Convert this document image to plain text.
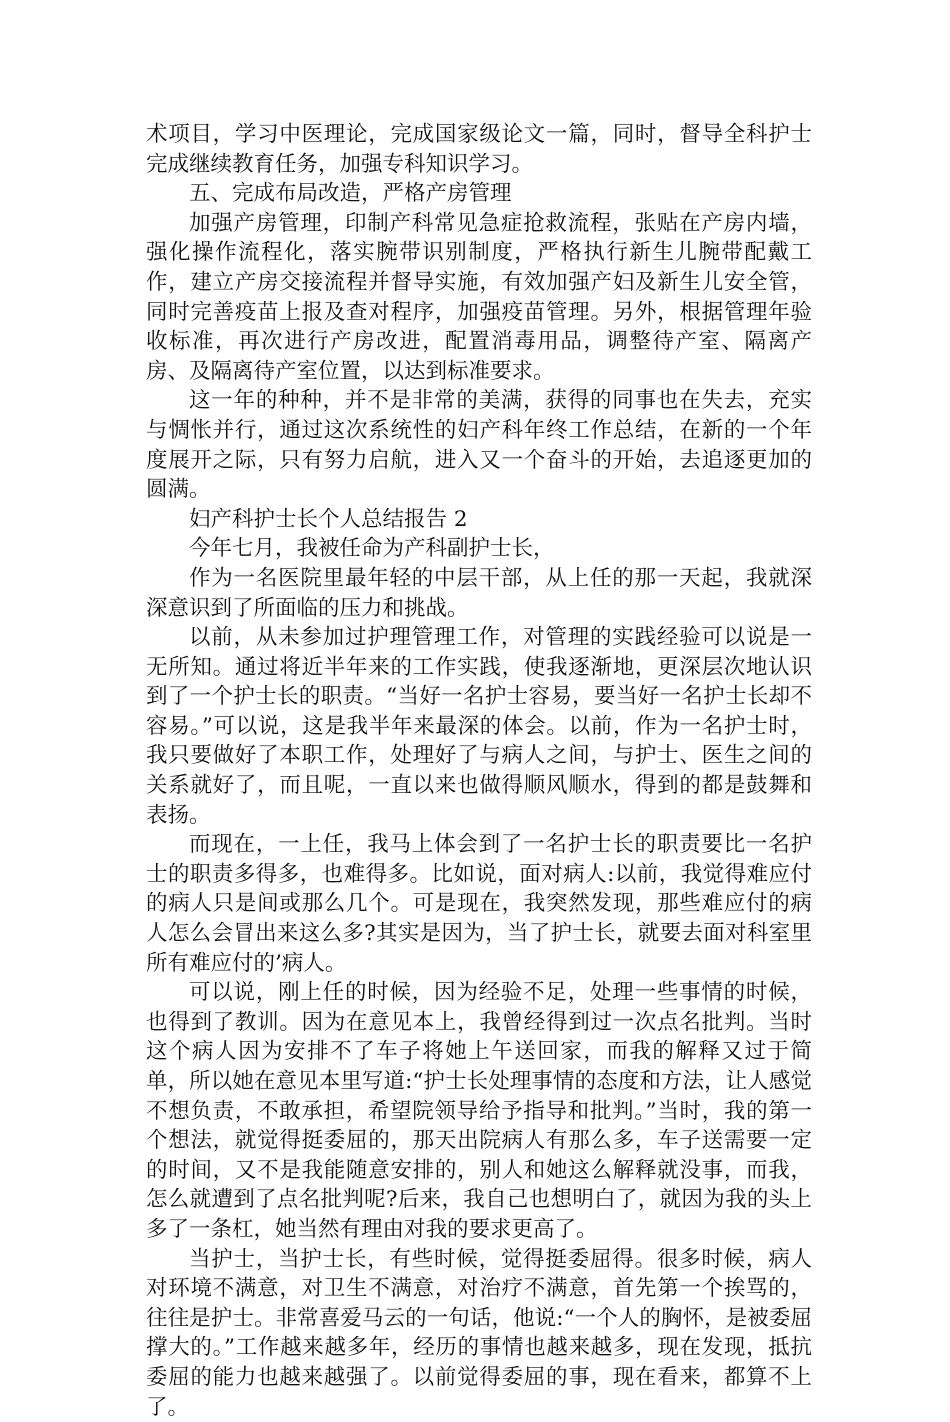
术项目，学习中医理论，完成国家级论文一篇，同时，督导全科护士完成继续教育任务，加强专科知识学习。

五、完成布局改造，严格产房管理

加强产房管理，印制产科常见急症抢救流程，张贴在产房内墙，强化操作流程化，落实腕带识别制度，严格执行新生儿腕带配戴工作，建立产房交接流程并督导实施，有效加强产妇及新生儿安全管，同时完善疫苗上报及查对程序，加强疫苗管理。另外，根据管理年验收标准，再次进行产房改进，配置消毒用品，调整待产室、隔离产房、及隔离待产室位置，以达到标准要求。

这一年的种种，并不是非常的美满，获得的同事也在失去，充实与惆怅并行，通过这次系统性的妇产科年终工作总结，在新的一个年度展开之际，只有努力启航，进入又一个奋斗的开始，去追逐更加的圆满。

妇产科护士长个人总结报告 2

今年七月，我被任命为产科副护士长，

作为一名医院里最年轻的中层干部，从上任的那一天起，我就深深意识到了所面临的压力和挑战。

以前，从未参加过护理管理工作，对管理的实践经验可以说是一无所知。通过将近半年来的工作实践，使我逐渐地，更深层次地认识到了一个护士长的职责。“当好一名护士容易，要当好一名护士长却不容易。”可以说，这是我半年来最深的体会。以前，作为一名护士时，我只要做好了本职工作，处理好了与病人之间，与护士、医生之间的关系就好了，而且呢，一直以来也做得顺风顺水，得到的都是鼓舞和表扬。

而现在，一上任，我马上体会到了一名护士长的职责要比一名护士的职责多得多，也难得多。比如说，面对病人:以前，我觉得难应付的病人只是间或那么几个。可是现在，我突然发现，那些难应付的病人怎么会冒出来这么多?其实是因为，当了护士长，就要去面对科室里所有难应付的’病人。

可以说，刚上任的时候，因为经验不足，处理一些事情的时候，也得到了教训。因为在意见本上，我曾经得到过一次点名批判。当时这个病人因为安排不了车子将她上午送回家，而我的解释又过于简单，所以她在意见本里写道:“护士长处理事情的态度和方法，让人感觉不想负责，不敢承担，希望院领导给予指导和批判。”当时，我的第一个想法，就觉得挺委屈的，那天出院病人有那么多，车子送需要一定的时间，又不是我能随意安排的，别人和她这么解释就没事，而我，怎么就遭到了点名批判呢?后来，我自己也想明白了，就因为我的头上多了一条杠，她当然有理由对我的要求更高了。

当护士，当护士长，有些时候，觉得挺委屈得。很多时候，病人对环境不满意，对卫生不满意，对治疗不满意，首先第一个挨骂的，往往是护士。非常喜爱马云的一句话，他说:“一个人的胸怀，是被委屈撑大的。”工作越来越多年，经历的事情也越来越多，现在发现，抵抗委屈的能力也越来越强了。以前觉得委屈的事，现在看来，都算不上了。
